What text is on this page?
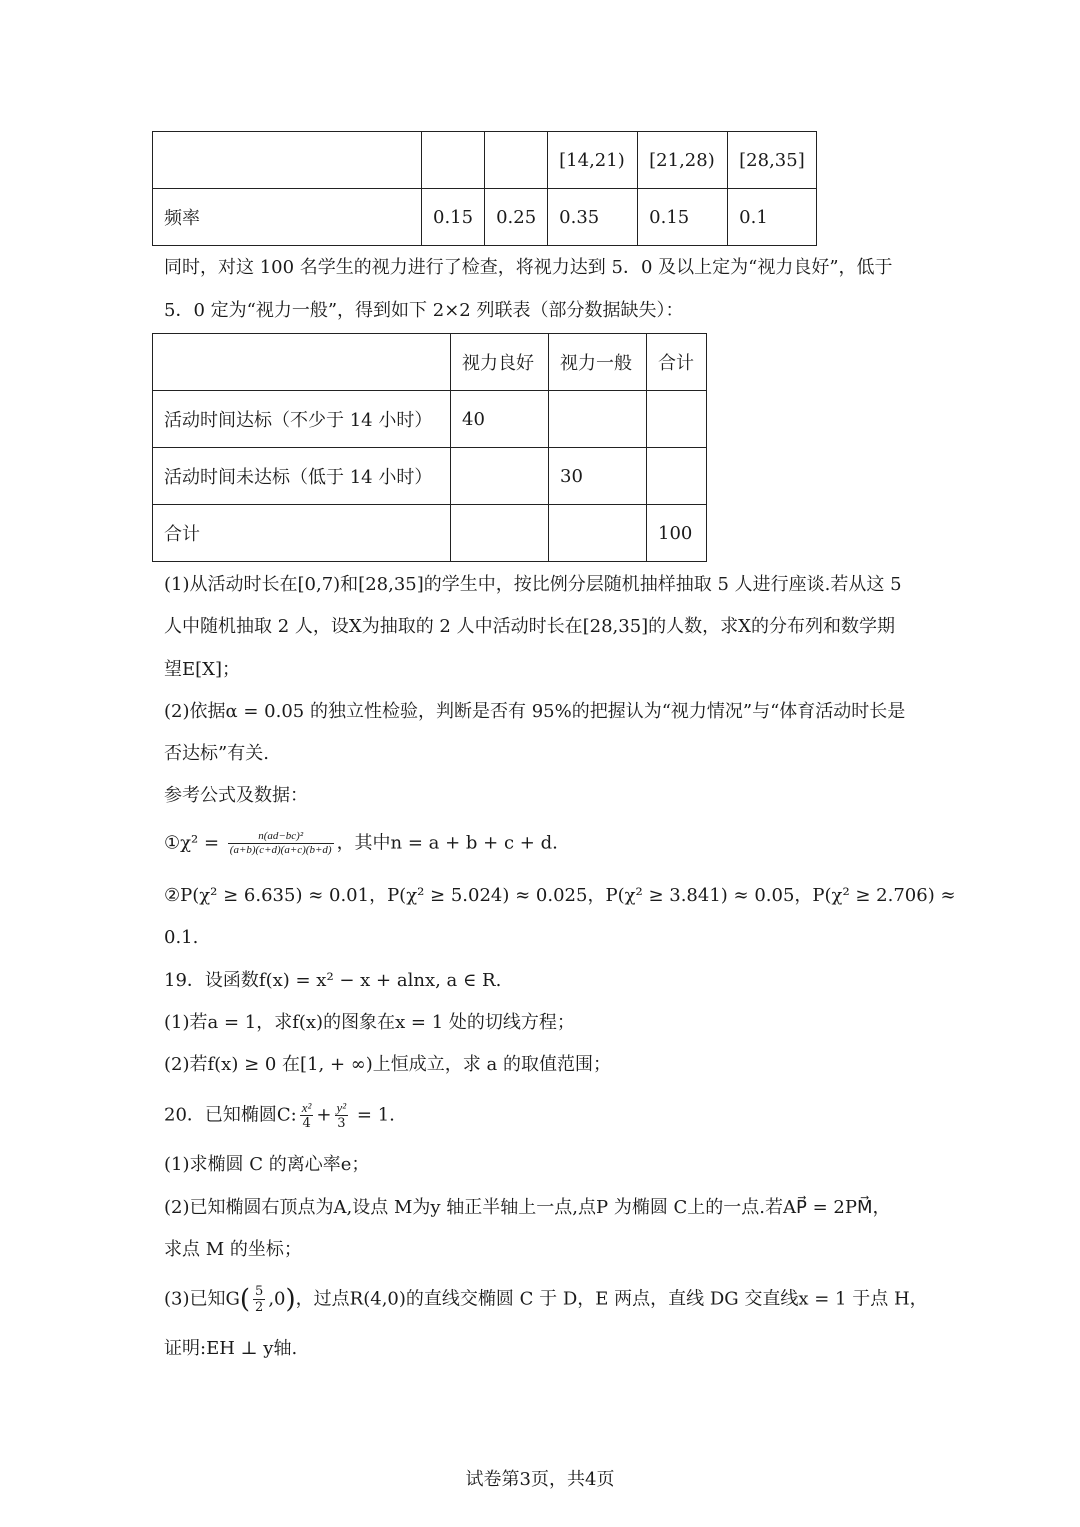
			[14,21)	[21,28)	[28,35]
频率	0.15	0.25	0.35	0.15	0.1
同时，对这 100 名学生的视力进行了检查，将视力达到 5．0 及以上定为“视力良好”，低于
5．0 定为“视力一般”，得到如下 2×2 列联表（部分数据缺失）：
	视力良好	视力一般	合计
活动时间达标（不少于 14 小时）	40		
活动时间未达标（低于 14 小时）		30	
合计			100
(1)从活动时长在[0,7)和[28,35]的学生中，按比例分层随机抽样抽取 5 人进行座谈.若从这 5
人中随机抽取 2 人，设X为抽取的 2 人中活动时长在[28,35]的人数，求X的分布列和数学期
望E[X]；
(2)依据α = 0.05 的独立性检验，判断是否有 95%的把握认为“视力情况”与“体育活动时长是
否达标”有关.
参考公式及数据：
①χ² = $\frac{\text{n(ad−bc)²}}{(a+b)(c+d)(a+c)(b+d)}$ ，其中n = a + b + c + d.
②P(χ² ≥ 6.635) ≈ 0.01，P(χ² ≥ 5.024) ≈ 0.025，P(χ² ≥ 3.841) ≈ 0.05，P(χ² ≥ 2.706) ≈
0.1.
19．设函数f(x) = x² − x + alnx, a ∈ R.
(1)若a = 1，求f(x)的图象在x = 1 处的切线方程；
(2)若f(x) ≥ 0 在[1, + ∞)上恒成立，求 a 的取值范围；
20．已知椭圆C: $\frac{\text{x²}}{4} + \frac{\text{y²}}{3} = 1$.
(1)求椭圆 C 的离心率e；
(2)已知椭圆右顶点为A,设点 M为y 轴正半轴上一点,点P 为椭圆 C上的一点.若AP⃗ = 2PM⃗，
求点 M 的坐标；
(3)已知$G( \frac{5}{2} ,0)$，过点R(4,0)的直线交椭圆 C 于 D，E 两点，直线 DG 交直线x = 1 于点 H，
证明:EH ⊥ y轴.
试卷第3页，共4页
